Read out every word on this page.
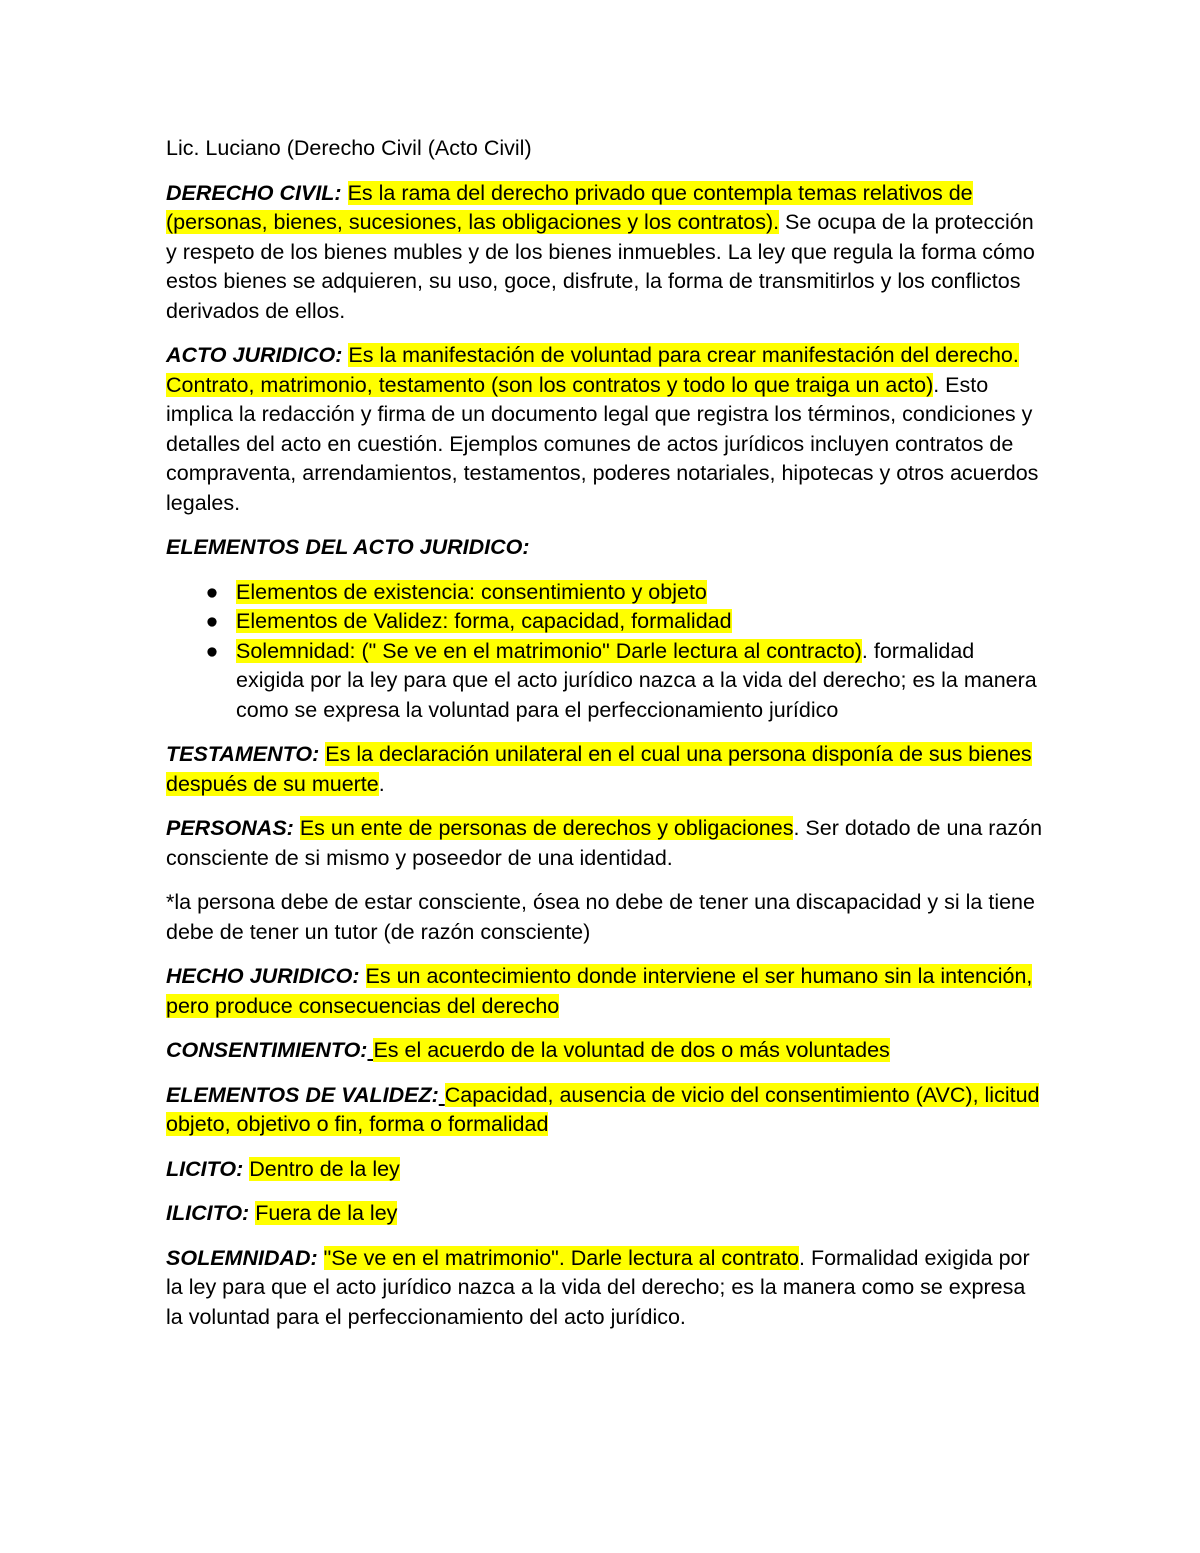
Lic. Luciano (Derecho Civil (Acto Civil)

DERECHO CIVIL: Es la rama del derecho privado que contempla temas relativos de (personas, bienes, sucesiones, las obligaciones y los contratos). Se ocupa de la protección y respeto de los bienes mubles y de los bienes inmuebles. La ley que regula la forma cómo estos bienes se adquieren, su uso, goce, disfrute, la forma de transmitirlos y los conflictos derivados de ellos.

ACTO JURIDICO: Es la manifestación de voluntad para crear manifestación del derecho. Contrato, matrimonio, testamento (son los contratos y todo lo que traiga un acto). Esto implica la redacción y firma de un documento legal que registra los términos, condiciones y detalles del acto en cuestión. Ejemplos comunes de actos jurídicos incluyen contratos de compraventa, arrendamientos, testamentos, poderes notariales, hipotecas y otros acuerdos legales.

ELEMENTOS DEL ACTO JURIDICO:

● Elementos de existencia: consentimiento y objeto
● Elementos de Validez: forma, capacidad, formalidad
● Solemnidad: (" Se ve en el matrimonio" Darle lectura al contracto). formalidad exigida por la ley para que el acto jurídico nazca a la vida del derecho; es la manera como se expresa la voluntad para el perfeccionamiento jurídico

TESTAMENTO: Es la declaración unilateral en el cual una persona disponía de sus bienes después de su muerte.

PERSONAS: Es un ente de personas de derechos y obligaciones. Ser dotado de una razón consciente de si mismo y poseedor de una identidad.

*la persona debe de estar consciente, ósea no debe de tener una discapacidad y si la tiene debe de tener un tutor (de razón consciente)

HECHO JURIDICO: Es un acontecimiento donde interviene el ser humano sin la intención, pero produce consecuencias del derecho

CONSENTIMIENTO: Es el acuerdo de la voluntad de dos o más voluntades

ELEMENTOS DE VALIDEZ: Capacidad, ausencia de vicio del consentimiento (AVC), licitud objeto, objetivo o fin, forma o formalidad

LICITO: Dentro de la ley

ILICITO: Fuera de la ley

SOLEMNIDAD: "Se ve en el matrimonio". Darle lectura al contrato. Formalidad exigida por la ley para que el acto jurídico nazca a la vida del derecho; es la manera como se expresa la voluntad para el perfeccionamiento del acto jurídico.
